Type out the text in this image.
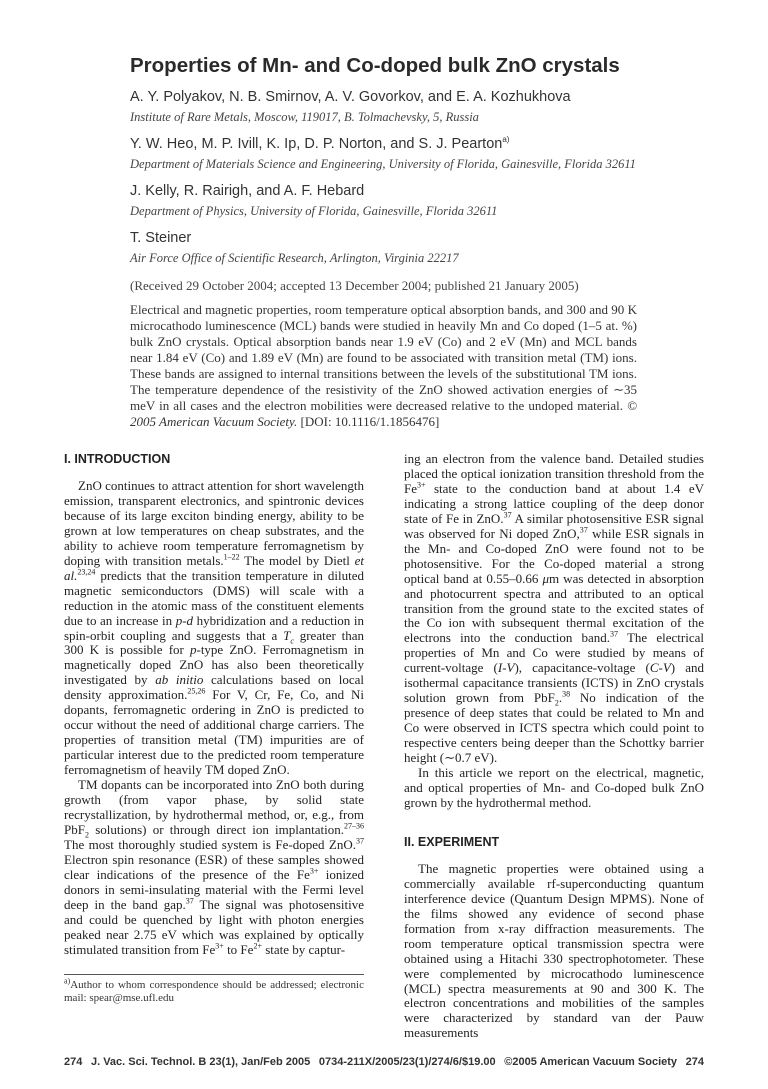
Properties of Mn- and Co-doped bulk ZnO crystals
A. Y. Polyakov, N. B. Smirnov, A. V. Govorkov, and E. A. Kozhukhova
Institute of Rare Metals, Moscow, 119017, B. Tolmachevsky, 5, Russia
Y. W. Heo, M. P. Ivill, K. Ip, D. P. Norton, and S. J. Pearton$^{a)}$
Department of Materials Science and Engineering, University of Florida, Gainesville, Florida 32611
J. Kelly, R. Rairigh, and A. F. Hebard
Department of Physics, University of Florida, Gainesville, Florida 32611
T. Steiner
Air Force Office of Scientific Research, Arlington, Virginia 22217
(Received 29 October 2004; accepted 13 December 2004; published 21 January 2005)
Electrical and magnetic properties, room temperature optical absorption bands, and 300 and 90 K microcathodo luminescence (MCL) bands were studied in heavily Mn and Co doped (1–5 at. %) bulk ZnO crystals. Optical absorption bands near 1.9 eV (Co) and 2 eV (Mn) and MCL bands near 1.84 eV (Co) and 1.89 eV (Mn) are found to be associated with transition metal (TM) ions. These bands are assigned to internal transitions between the levels of the substitutional TM ions. The temperature dependence of the resistivity of the ZnO showed activation energies of ∼35 meV in all cases and the electron mobilities were decreased relative to the undoped material. © 2005 American Vacuum Society. [DOI: 10.1116/1.1856476]
I. INTRODUCTION

ZnO continues to attract attention for short wavelength emission, transparent electronics, and spintronic devices because of its large exciton binding energy, ability to be grown at low temperatures on cheap substrates, and the ability to achieve room temperature ferromagnetism by doping with transition metals.$^{1-22}$ The model by Dietl et al.$^{23,24}$ predicts that the transition temperature in diluted magnetic semiconductors (DMS) will scale with a reduction in the atomic mass of the constituent elements due to an increase in p-d hybridization and a reduction in spin-orbit coupling and suggests that a $T_c$ greater than 300 K is possible for p-type ZnO. Ferromagnetism in magnetically doped ZnO has also been theoretically investigated by ab initio calculations based on local density approximation.$^{25,26}$ For V, Cr, Fe, Co, and Ni dopants, ferromagnetic ordering in ZnO is predicted to occur without the need of additional charge carriers. The properties of transition metal (TM) impurities are of particular interest due to the predicted room temperature ferromagnetism of heavily TM doped ZnO.

TM dopants can be incorporated into ZnO both during growth (from vapor phase, by solid state recrystallization, by hydrothermal method, or, e.g., from PbF$_2$ solutions) or through direct ion implantation.$^{27-36}$ The most thoroughly studied system is Fe-doped ZnO.$^{37}$ Electron spin resonance (ESR) of these samples showed clear indications of the presence of the $Fe^{3+}$ ionized donors in semi-insulating material with the Fermi level deep in the band gap.$^{37}$ The signal was photosensitive and could be quenched by light with photon energies peaked near 2.75 eV which was explained by optically stimulated transition from $Fe^{3+}$ to $Fe^{2+}$ state by captur-

$^{a)}$Author to whom correspondence should be addressed; electronic mail: spear@mse.ufl.edu

ing an electron from the valence band. Detailed studies placed the optical ionization transition threshold from the $Fe^{3+}$ state to the conduction band at about 1.4 eV indicating a strong lattice coupling of the deep donor state of Fe in ZnO.$^{37}$ A similar photosensitive ESR signal was observed for Ni doped ZnO,$^{37}$ while ESR signals in the Mn- and Co-doped ZnO were found not to be photosensitive. For the Co-doped material a strong optical band at 0.55–0.66 μm was detected in absorption and photocurrent spectra and attributed to an optical transition from the ground state to the excited states of the Co ion with subsequent thermal excitation of the electrons into the conduction band.$^{37}$ The electrical properties of Mn and Co were studied by means of current-voltage (I-V), capacitance-voltage (C-V) and isothermal capacitance transients (ICTS) in ZnO crystals solution grown from PbF$_2$.$^{38}$ No indication of the presence of deep states that could be related to Mn and Co were observed in ICTS spectra which could point to respective centers being deeper than the Schottky barrier height (∼0.7 eV).

In this article we report on the electrical, magnetic, and optical properties of Mn- and Co-doped bulk ZnO grown by the hydrothermal method.

II. EXPERIMENT

The magnetic properties were obtained using a commercially available rf-superconducting quantum interference device (Quantum Design MPMS). None of the films showed any evidence of second phase formation from x-ray diffraction measurements. The room temperature optical transmission spectra were obtained using a Hitachi 330 spectrophotometer. These were complemented by microcathodo luminescence (MCL) spectra measurements at 90 and 300 K. The electron concentrations and mobilities of the samples were characterized by standard van der Pauw measurements

274 J. Vac. Sci. Technol. B 23(1), Jan/Feb 2005 0734-211X/2005/23(1)/274/6/$19.00 ©2005 American Vacuum Society 274
